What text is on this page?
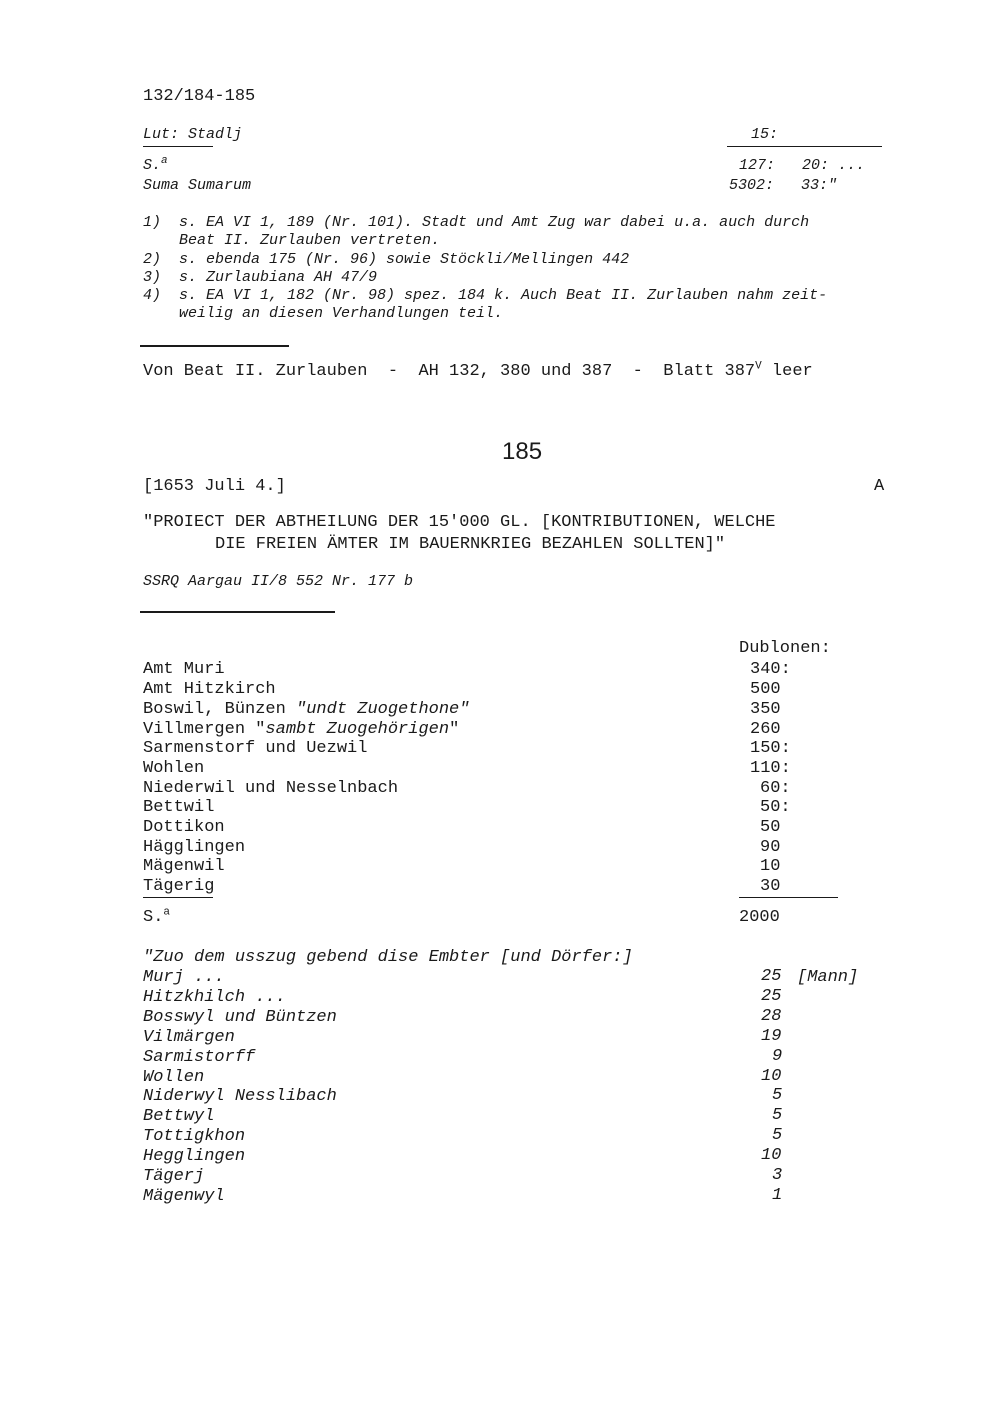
132/184-185
Lut: Stadlj	15:
S.$^a$	127:   20: ...
Suma Sumarum	5302:   33:"
1) s. EA VI 1, 189 (Nr. 101). Stadt und Amt Zug war dabei u.a. auch durch
Beat II. Zurlauben vertreten.
2) s. ebenda 175 (Nr. 96) sowie Stöckli/Mellingen 442
3) s. Zurlaubiana AH 47/9
4) s. EA VI 1, 182 (Nr. 98) spez. 184 k. Auch Beat II. Zurlauben nahm zeit-
weilig an diesen Verhandlungen teil.
Von Beat II. Zurlauben  -  AH 132, 380 und 387  -  Blatt $387^V$ leer
185
[1653 Juli 4.]	A
"PROIECT DER ABTHEILUNG DER 15'000 GL. [KONTRIBUTIONEN, WELCHE
DIE FREIEN ÄMTER IM BAUERNKRIEG BEZAHLEN SOLLTEN]"
SSRQ Aargau II/8 552 Nr. 177 b
Dublonen:
Amt Muri	340:
Amt Hitzkirch	500
Boswil, Bünzen "undt Zuogethone"	350
Villmergen "sambt Zuogehörigen"	260
Sarmenstorf und Uezwil	150:
Wohlen	110:
Niederwil und Nesselnbach	60:
Bettwil	50:
Dottikon	50
Hägglingen	90
Mägenwil	10
Tägerig	30
S.$^a$	2000
"Zuo dem usszug gebend dise Embter [und Dörfer:]
Murj ...	25 [Mann]
Hitzkhilch ...	25
Bosswyl und Büntzen	28
Vilmärgen	19
Sarmistorff	9
Wollen	10
Niderwyl Nesslibach	5
Bettwyl	5
Tottigkhon	5
Hegglingen	10
Tägerj	3
Mägenwyl	1
